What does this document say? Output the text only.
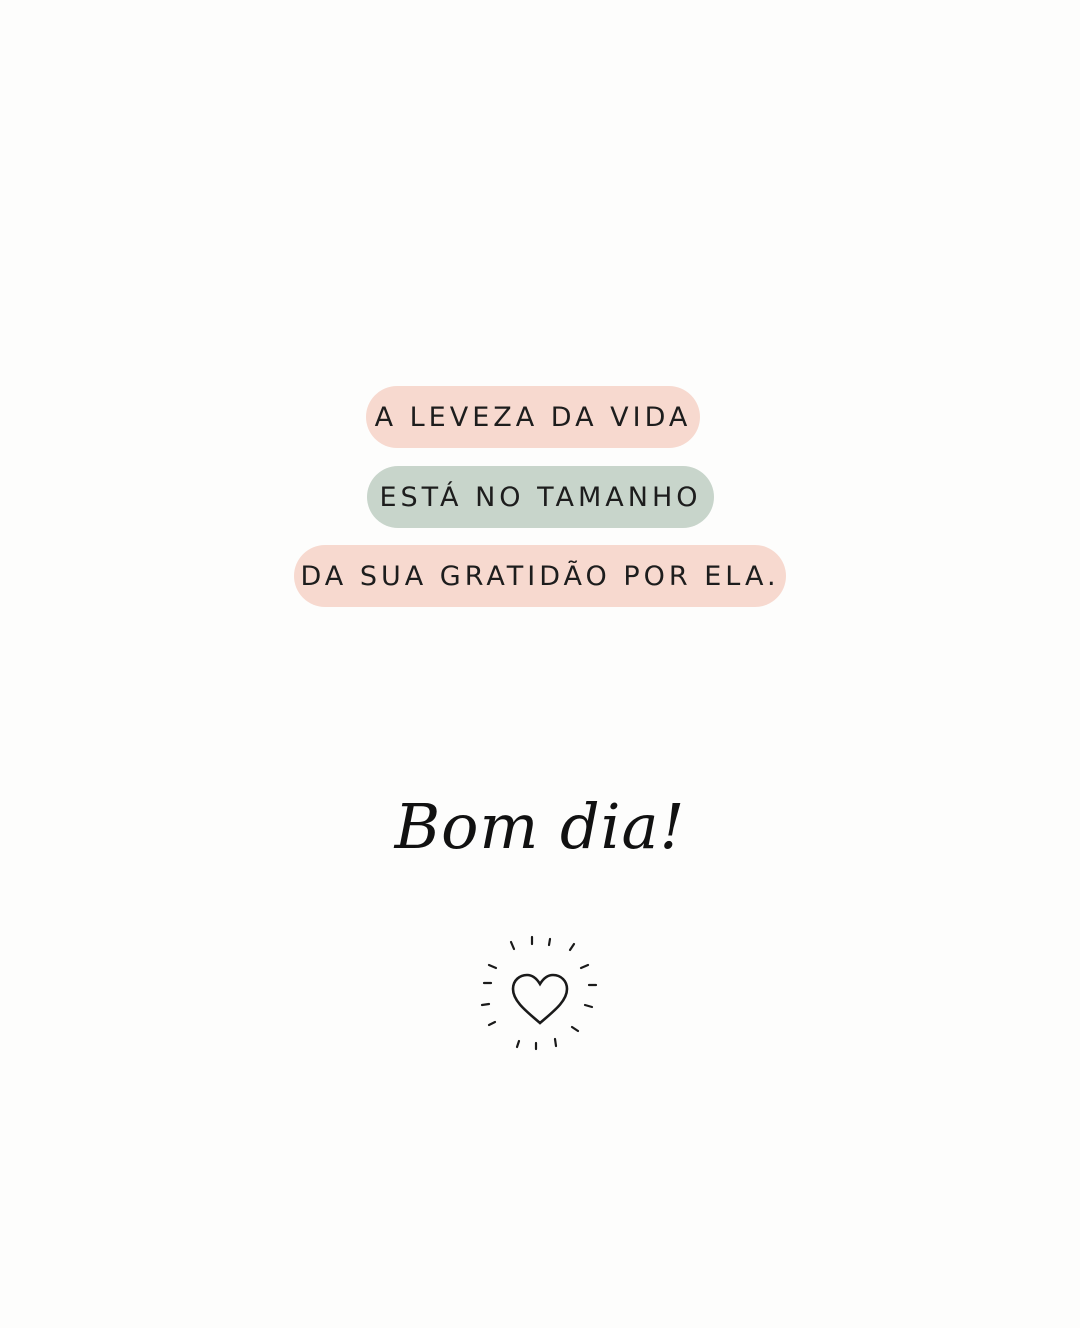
A LEVEZA DA VIDA
ESTÁ NO TAMANHO
DA SUA GRATIDÃO POR ELA.
Bom dia!
